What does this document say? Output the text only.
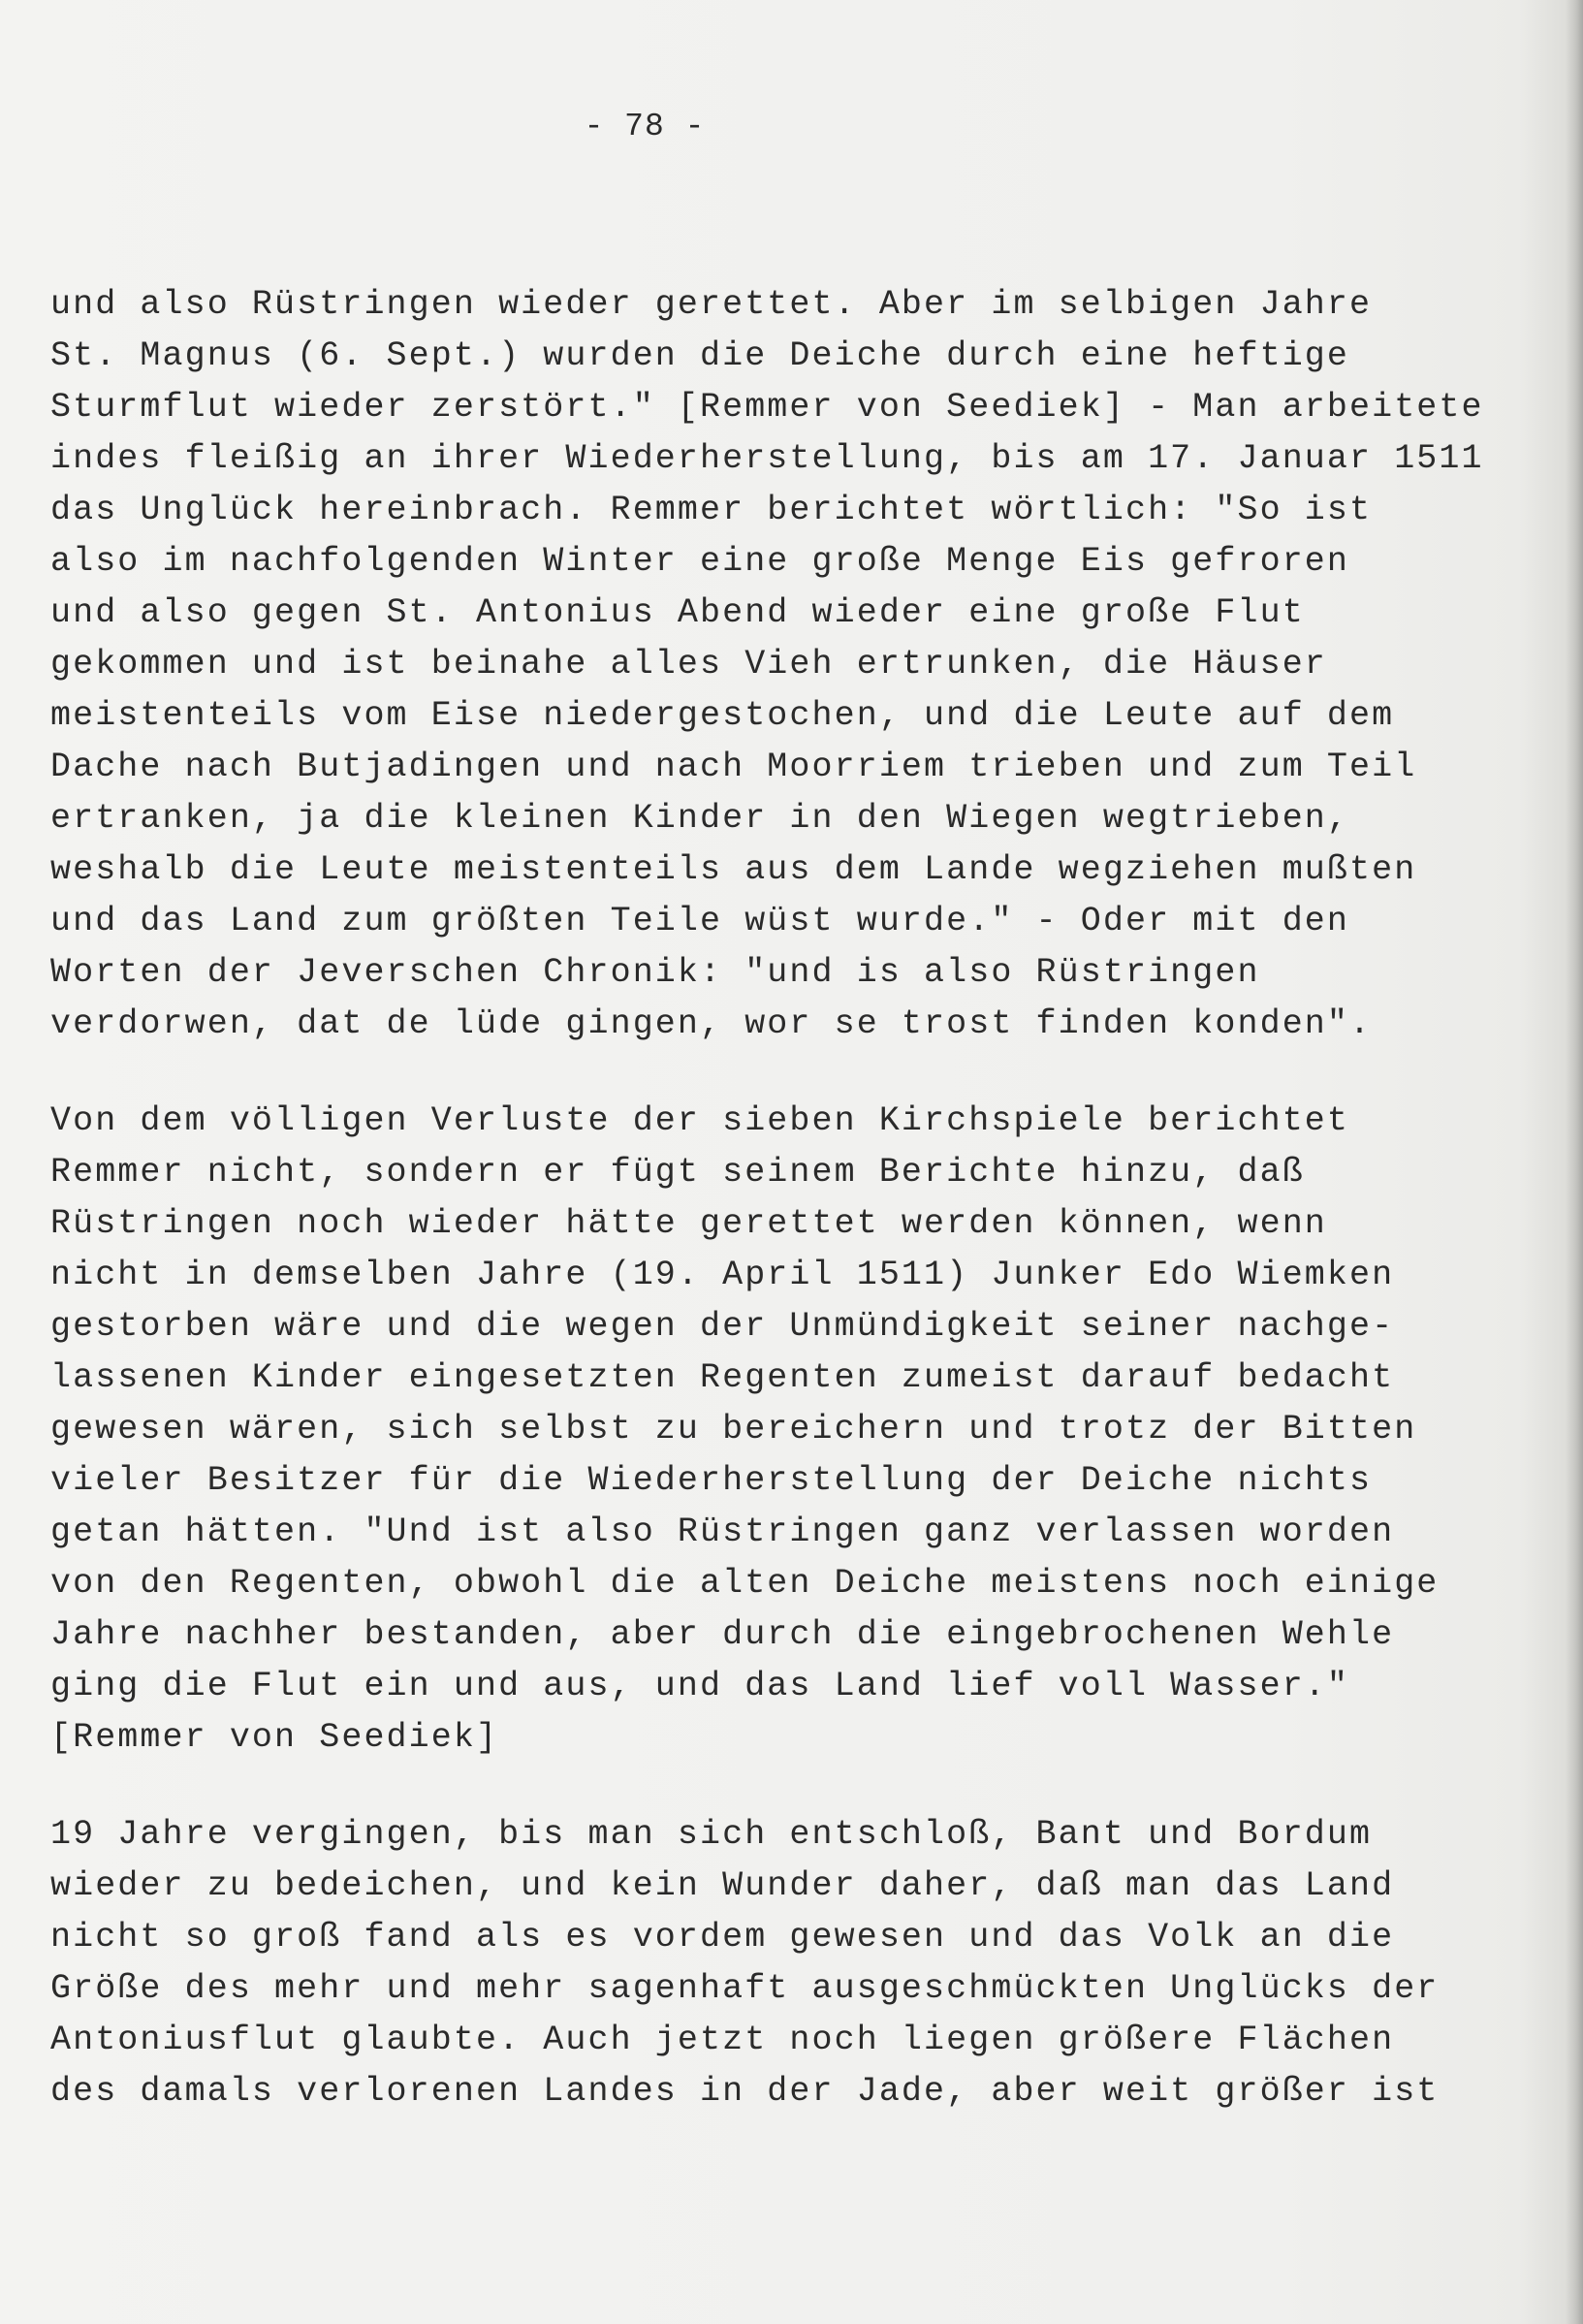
- 78 -

und also Rüstringen wieder gerettet. Aber im selbigen Jahre
St. Magnus (6. Sept.) wurden die Deiche durch eine heftige
Sturmflut wieder zerstört." [Remmer von Seediek] - Man arbeitete
indes fleißig an ihrer Wiederherstellung, bis am 17. Januar 1511
das Unglück hereinbrach. Remmer berichtet wörtlich: "So ist
also im nachfolgenden Winter eine große Menge Eis gefroren
und also gegen St. Antonius Abend wieder eine große Flut
gekommen und ist beinahe alles Vieh ertrunken, die Häuser
meistenteils vom Eise niedergestochen, und die Leute auf dem
Dache nach Butjadingen und nach Moorriem trieben und zum Teil
ertranken, ja die kleinen Kinder in den Wiegen wegtrieben,
weshalb die Leute meistenteils aus dem Lande wegziehen mußten
und das Land zum größten Teile wüst wurde." - Oder mit den
Worten der Jeverschen Chronik: "und is also Rüstringen
verdorwen, dat de lüde gingen, wor se trost finden konden".

Von dem völligen Verluste der sieben Kirchspiele berichtet
Remmer nicht, sondern er fügt seinem Berichte hinzu, daß
Rüstringen noch wieder hätte gerettet werden können, wenn
nicht in demselben Jahre (19. April 1511) Junker Edo Wiemken
gestorben wäre und die wegen der Unmündigkeit seiner nachge-
lassenen Kinder eingesetzten Regenten zumeist darauf bedacht
gewesen wären, sich selbst zu bereichern und trotz der Bitten
vieler Besitzer für die Wiederherstellung der Deiche nichts
getan hätten. "Und ist also Rüstringen ganz verlassen worden
von den Regenten, obwohl die alten Deiche meistens noch einige
Jahre nachher bestanden, aber durch die eingebrochenen Wehle
ging die Flut ein und aus, und das Land lief voll Wasser."
[Remmer von Seediek]

19 Jahre vergingen, bis man sich entschloß, Bant und Bordum
wieder zu bedeichen, und kein Wunder daher, daß man das Land
nicht so groß fand als es vordem gewesen und das Volk an die
Größe des mehr und mehr sagenhaft ausgeschmückten Unglücks der
Antoniusflut glaubte. Auch jetzt noch liegen größere Flächen
des damals verlorenen Landes in der Jade, aber weit größer ist
